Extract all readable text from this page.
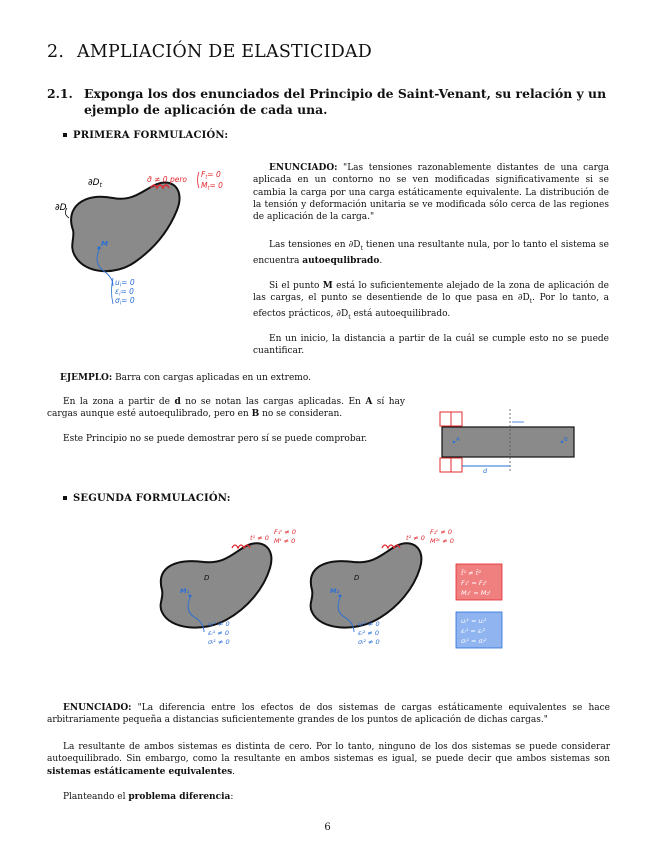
2. AMPLIACIÓN DE ELASTICIDAD
2.1. Exponga los dos enunciados del Principio de Saint-Venant, su relación y un ejemplo de aplicación de cada una.
PRIMERA FORMULACIÓN:
∂D
$\partial D_t$
σ̄ ≠ 0 pero
$F_t= 0$
$M_t= 0$
M
$u_i= 0$
$\varepsilon_i= 0$
$\sigma_i= 0$
ENUNCIADO: "Las tensiones razonablemente distantes de una carga aplicada en un contorno no se ven modificadas significativamente si se cambia la carga por una carga estáticamente equivalente. La distribución de la tensión y deformación unitaria se ve modificada sólo cerca de las regiones de aplicación de la carga."
Las tensiones en $\partial D_t$ tienen una resultante nula, por lo tanto el sistema se encuentra autoequlibrado.
Si el punto M está lo suficientemente alejado de la zona de aplicación de las cargas, el punto se desentiende de lo que pasa en $\partial D_t$. Por lo tanto, a efectos prácticos, $\partial D_t$ está autoequilibrado.
En un inicio, la distancia a partir de la cuál se cumple esto no se puede cuantificar.
EJEMPLO: Barra con cargas aplicadas en un extremo.
En la zona a partir de d no se notan las cargas aplicadas. En A sí hay cargas aunque esté autoequlibrado, pero en B no se consideran.
Este Principio no se puede demostrar pero sí se puede comprobar.
d
A	B
SEGUNDA FORMULACIÓN:
t¹ ≠ 0
F₁ᵗ ≠ 0
Mᵗ ≠ 0
D
M₁
uᵢ¹ ≠ 0
εᵢ¹ ≠ 0
σᵢ¹ ≠ 0
t² ≠ 0
F₂ᵗ ≠ 0
M²ᵗ ≠ 0
D
M₂
uᵢ² ≠ 0
εᵢ² ≠ 0
σᵢ² ≠ 0
t̄¹ ≠ t̄²
F₁ᵗ = F₂ᵗ
M₁ᵗ = M₂ᵗ
uᵢ¹ = uᵢ²
εᵢ¹ = εᵢ²
σᵢ¹ = σᵢ²
ENUNCIADO: "La diferencia entre los efectos de dos sistemas de cargas estáticamente equivalentes se hace arbitrariamente pequeña a distancias suficientemente grandes de los puntos de aplicación de dichas cargas."
La resultante de ambos sistemas es distinta de cero. Por lo tanto, ninguno de los dos sistemas se puede considerar autoequilibrado. Sin embargo, como la resultante en ambos sistemas es igual, se puede decir que ambos sistemas son sistemas estáticamente equivalentes.
Planteando el problema diferencia:
6
